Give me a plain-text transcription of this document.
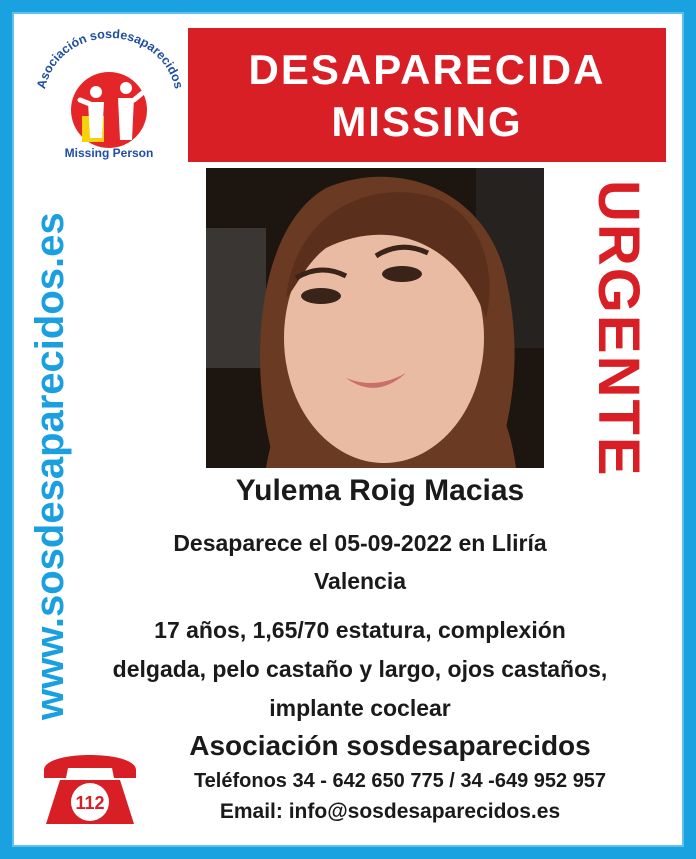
Asociación sosdesaparecidos
Missing Person
DESAPARECIDA
MISSING
www.sosdesaparecidos.es	URGENTE
Yulema Roig Macias
Desaparece el 05-09-2022 en Lliría
Valencia
17 años, 1,65/70 estatura, complexión
delgada, pelo castaño y largo, ojos castaños,
implante coclear
112
Asociación sosdesaparecidos
Teléfonos 34 - 642 650 775 / 34 -649 952 957
Email: info@sosdesaparecidos.es
